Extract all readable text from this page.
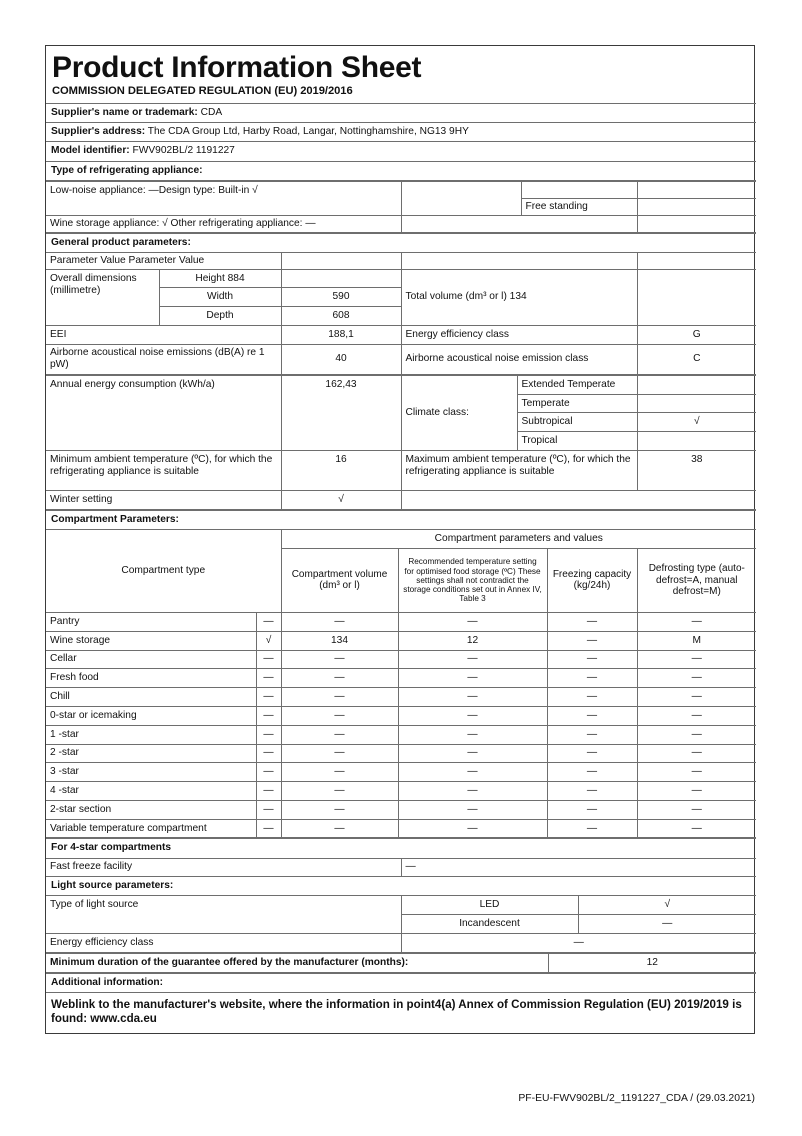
Product Information Sheet
COMMISSION DELEGATED REGULATION (EU) 2019/2016

Supplier's name or trademark: CDA
Supplier's address: The CDA Group Ltd, Harby Road, Langar, Nottinghamshire, NG13 9HY
Model identifier: FWV902BL/2 1191227
Type of refrigerating appliance:
Low-noise appliance: —Design type: Built-in √			
		Free standing	
Wine storage appliance: √ Other refrigerating appliance: —			
General product parameters:				
Parameter Value Parameter Value				
Overall dimensions (millimetre)	Height 884		Total volume (dm³ or l) 134	
	Width	590		
	Depth	608		
EEI		188,1	Energy efficiency class	G
Airborne acoustical noise emissions (dB(A) re 1 pW)		40	Airborne acoustical noise emission class	C
Annual energy consumption (kWh/a)	162,43	Climate class:	Extended Temperate	
			Temperate	
			Subtropical	√
			Tropical	
Minimum ambient temperature (ºC), for which the refrigerating appliance is suitable	16	Maximum ambient temperature (ºC), for which the refrigerating appliance is suitable		38
Winter setting	√			
Compartment Parameters:					
Compartment type		Compartment parameters and values			
		Compartment volume (dm³ or l)	Recommended temperature setting for optimised food storage (ºC) These settings shall not contradict the storage conditions set out in Annex IV, Table 3	Freezing capacity (kg/24h)	Defrosting type (auto-defrost=A, manual defrost=M)
Pantry	—	—	—	—	—
Wine storage	√	134	12	—	M
Cellar	—	—	—	—	—
Fresh food	—	—	—	—	—
Chill	—	—	—	—	—
0-star or icemaking	—	—	—	—	—
1 -star	—	—	—	—	—
2 -star	—	—	—	—	—
3 -star	—	—	—	—	—
4 -star	—	—	—	—	—
2-star section	—	—	—	—	—
Variable temperature compartment	—	—	—	—	—
For 4-star compartments		
Fast freeze facility	—	
Light source parameters:		
Type of light source	LED	√
	Incandescent	—
Energy efficiency class	—	
Minimum duration of the guarantee offered by the manufacturer (months):	12
Additional information:
Weblink to the manufacturer's website, where the information in point4(a) Annex of Commission Regulation (EU) 2019/2019 is found: www.cda.eu
PF-EU-FWV902BL/2_1191227_CDA / (29.03.2021)
